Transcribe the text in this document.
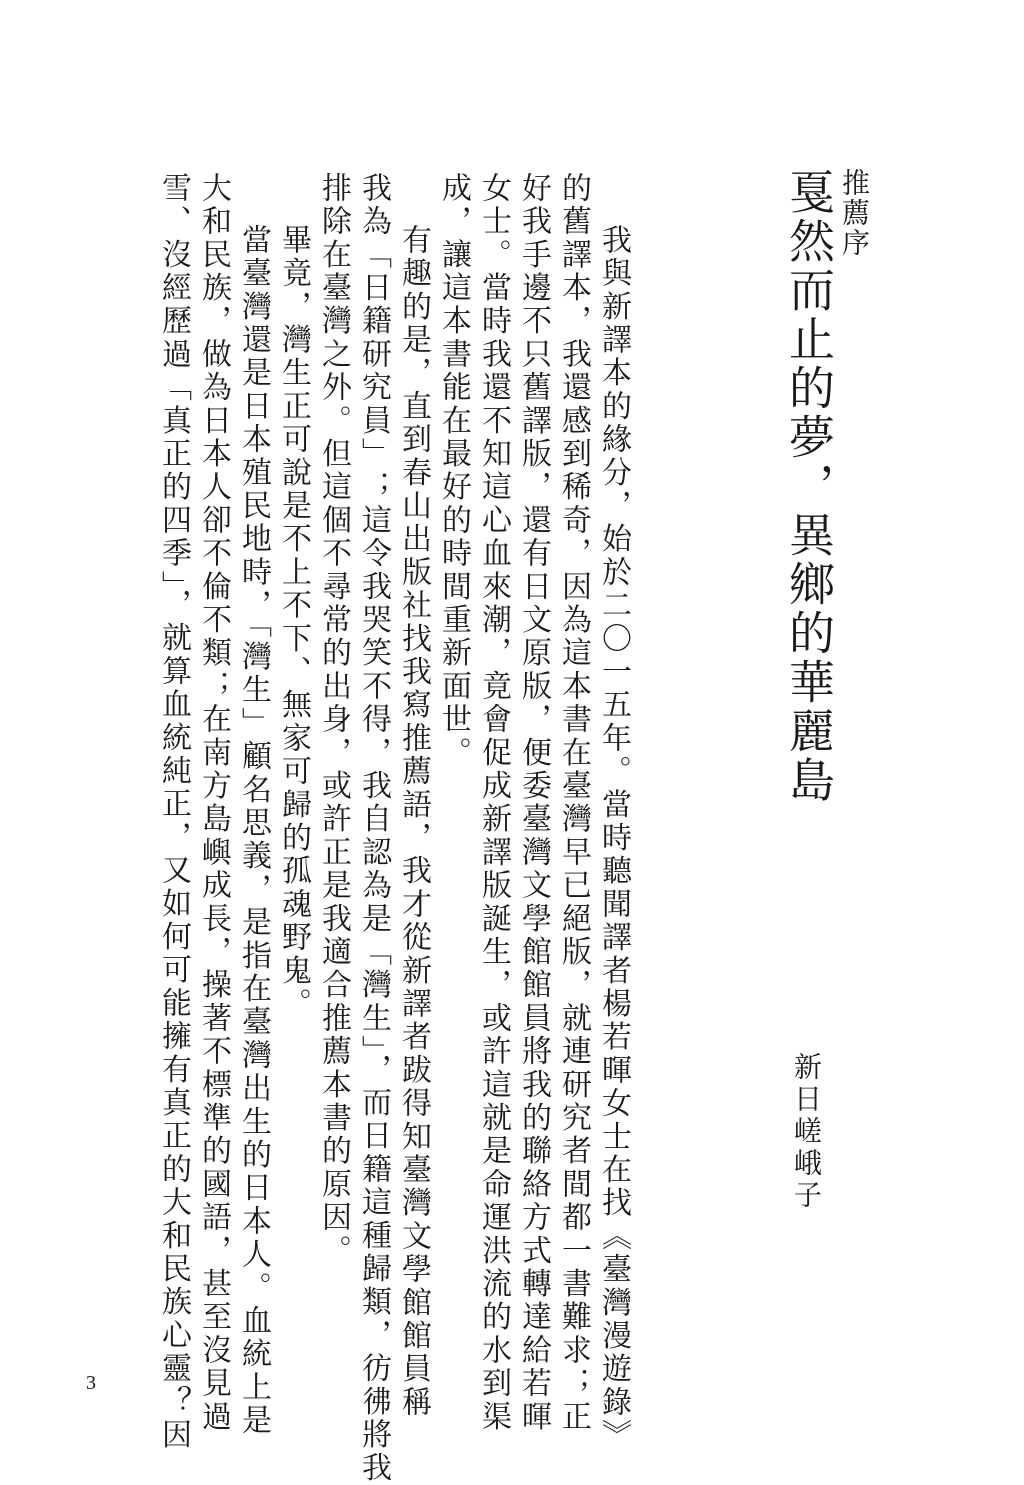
推薦序
戛然而止的夢，異鄉的華麗島
新日嵯峨子
我與新譯本的緣分，始於二〇一五年。當時聽聞譯者楊若暉女士在找《臺灣漫遊錄》
的舊譯本，我還感到稀奇，因為這本書在臺灣早已絕版，就連研究者間都一書難求；正
好我手邊不只舊譯版，還有日文原版，便委臺灣文學館館員將我的聯絡方式轉達給若暉
女士。當時我還不知這心血來潮，竟會促成新譯版誕生，或許這就是命運洪流的水到渠
成，讓這本書能在最好的時間重新面世。
有趣的是，直到春山出版社找我寫推薦語，我才從新譯者跋得知臺灣文學館館員稱
我為「日籍研究員」；這令我哭笑不得，我自認為是「灣生」，而日籍這種歸類，彷彿將我
排除在臺灣之外。但這個不尋常的出身，或許正是我適合推薦本書的原因。
畢竟，灣生正可說是不上不下、無家可歸的孤魂野鬼。
當臺灣還是日本殖民地時，「灣生」顧名思義，是指在臺灣出生的日本人。血統上是
大和民族，做為日本人卻不倫不類；在南方島嶼成長，操著不標準的國語，甚至沒見過
雪、沒經歷過「真正的四季」，就算血統純正，又如何可能擁有真正的大和民族心靈？因
3
